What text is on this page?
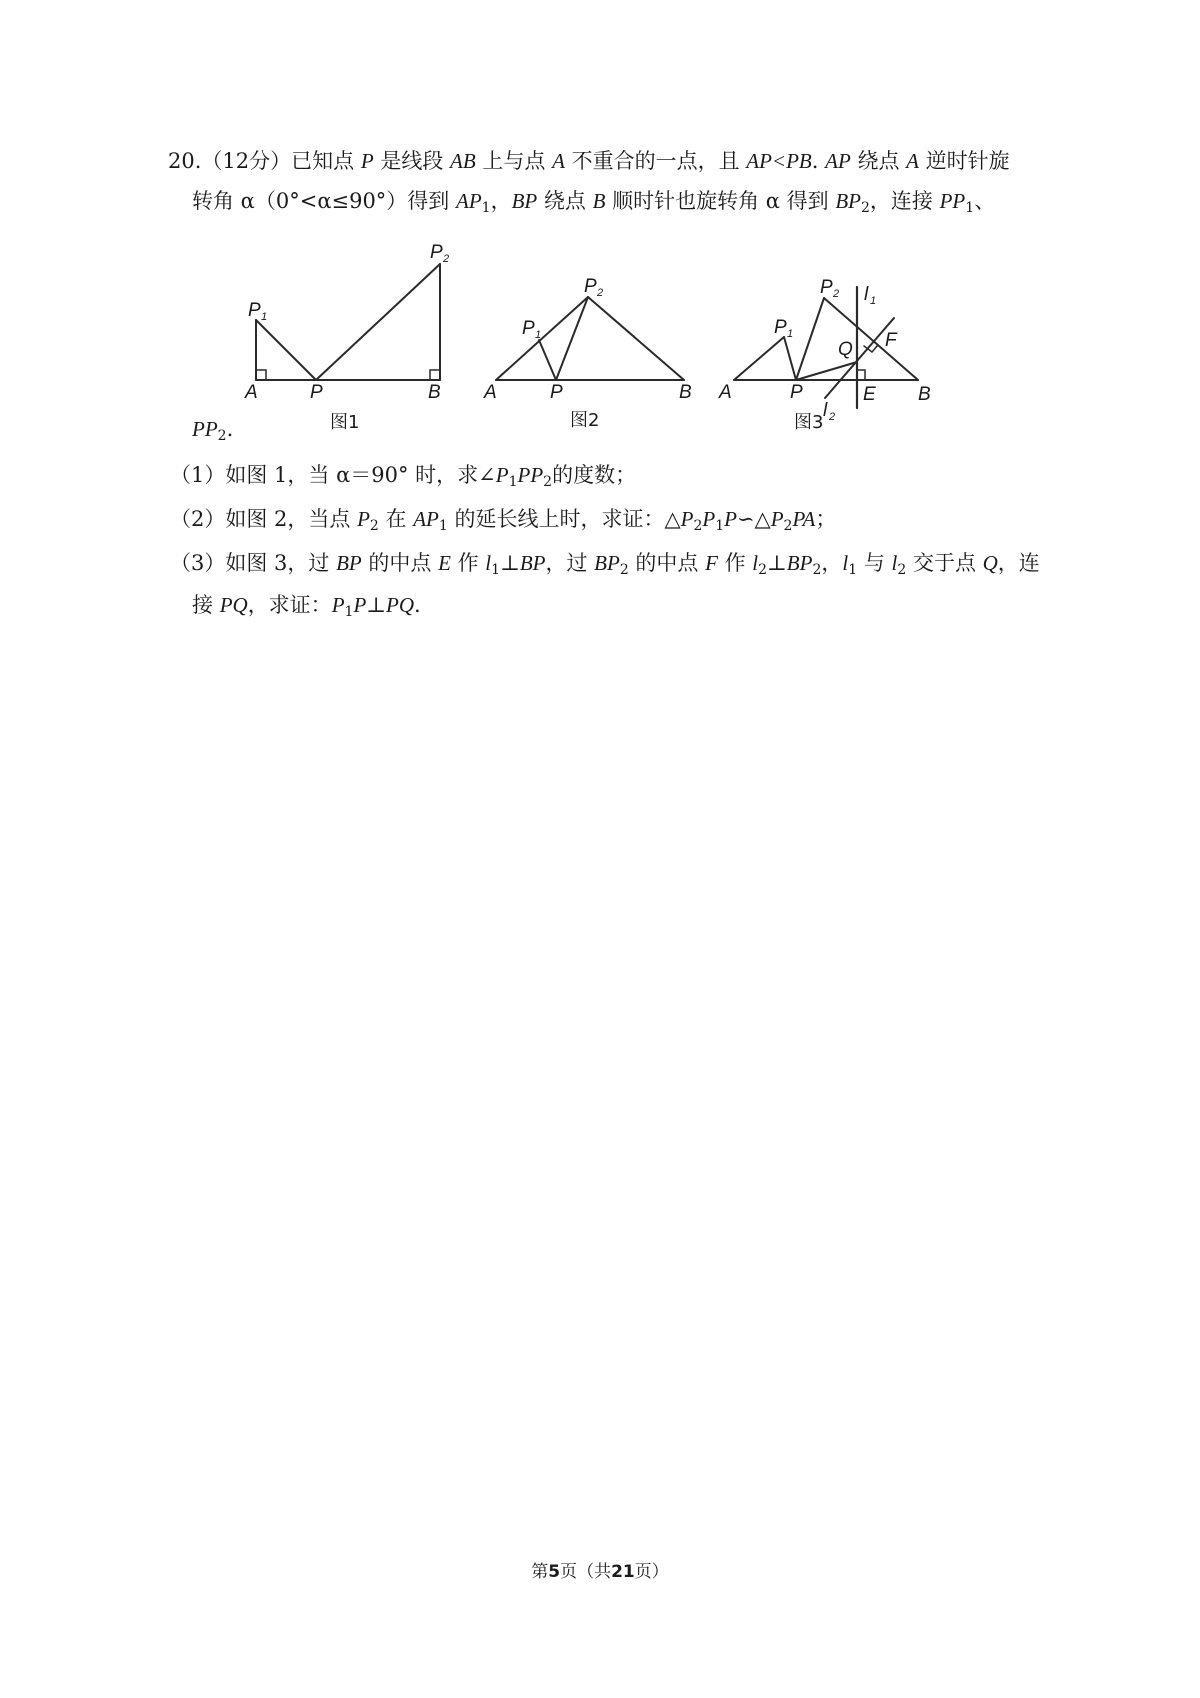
20.（12分）已知点 P 是线段 AB 上与点 A 不重合的一点，且 AP<PB. AP 绕点 A 逆时针旋
转角 α（0°<α≤90°）得到 $AP_1$，BP 绕点 B 顺时针也旋转角 α 得到 $BP_2$，连接 $PP_1$、
$PP_2$.
A	P	B
P 1
P 2
图1
A	P	B
P 1
P 2
图2
A	P	E B
Q F
P 1
P 2 l 1
l 2
图3
（1）如图 1，当 α＝90° 时，求$\angle P_1PP_2$的度数；
（2）如图 2，当点 $P_2$ 在 $AP_1$ 的延长线上时，求证：$\triangle P_2P_1P∽\triangle P_2PA$；
（3）如图 3，过 BP 的中点 E 作 $l_1\perp BP$，过 $BP_2$ 的中点 F 作 $l_2\perp BP_2$，$l_1$ 与 $l_2$ 交于点 Q，连
接 PQ，求证：$P_1P\perp PQ$.
第5页（共21页）
